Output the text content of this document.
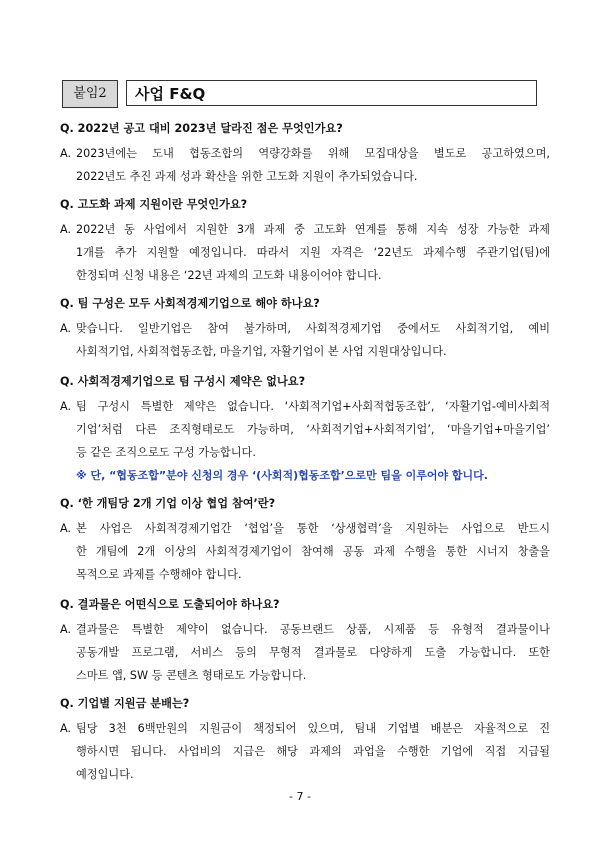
붙임2	사업 F&Q
Q. 2022년 공고 대비 2023년 달라진 점은 무엇인가요?
A. 2023년에는 도내 협동조합의 역량강화를 위해 모집대상을 별도로 공고하였으며,
2022년도 추진 과제 성과 확산을 위한 고도화 지원이 추가되었습니다.
Q. 고도화 과제 지원이란 무엇인가요?
A. 2022년 동 사업에서 지원한 3개 과제 중 고도화 연계를 통해 지속 성장 가능한 과제
1개를 추가 지원할 예정입니다. 따라서 지원 자격은 ‘22년도 과제수행 주관기업(팀)에
한정되며 신청 내용은 ‘22년 과제의 고도화 내용이어야 합니다.
Q. 팀 구성은 모두 사회적경제기업으로 해야 하나요?
A. 맞습니다. 일반기업은 참여 불가하며, 사회적경제기업 중에서도 사회적기업, 예비
사회적기업, 사회적협동조합, 마을기업, 자활기업이 본 사업 지원대상입니다.
Q. 사회적경제기업으로 팀 구성시 제약은 없나요?
A. 팀 구성시 특별한 제약은 없습니다. ‘사회적기업+사회적협동조합’, ‘자활기업-예비사회적
기업’처럼 다른 조직형태로도 가능하며, ‘사회적기업+사회적기업’, ‘마을기업+마을기업’
등 같은 조직으로도 구성 가능합니다.
※ 단, “협동조합”분야 신청의 경우 ‘(사회적)협동조합’으로만 팀을 이루어야 합니다.
Q. ‘한 개팀당 2개 기업 이상 협업 참여’란?
A. 본 사업은 사회적경제기업간 ‘협업’을 통한 ‘상생협력’을 지원하는 사업으로 반드시
한 개팀에 2개 이상의 사회적경제기업이 참여해 공동 과제 수행을 통한 시너지 창출을
목적으로 과제를 수행해야 합니다.
Q. 결과물은 어떤식으로 도출되어야 하나요?
A. 결과물은 특별한 제약이 없습니다. 공동브랜드 상품, 시제품 등 유형적 결과물이나
공동개발 프로그램, 서비스 등의 무형적 결과물로 다양하게 도출 가능합니다. 또한
스마트 앱, SW 등 콘텐츠 형태로도 가능합니다.
Q. 기업별 지원금 분배는?
A. 팀당 3천 6백만원의 지원금이 책정되어 있으며, 팀내 기업별 배분은 자율적으로 진
행하시면 됩니다. 사업비의 지급은 해당 과제의 과업을 수행한 기업에 직접 지급될
예정입니다.
- 7 -
